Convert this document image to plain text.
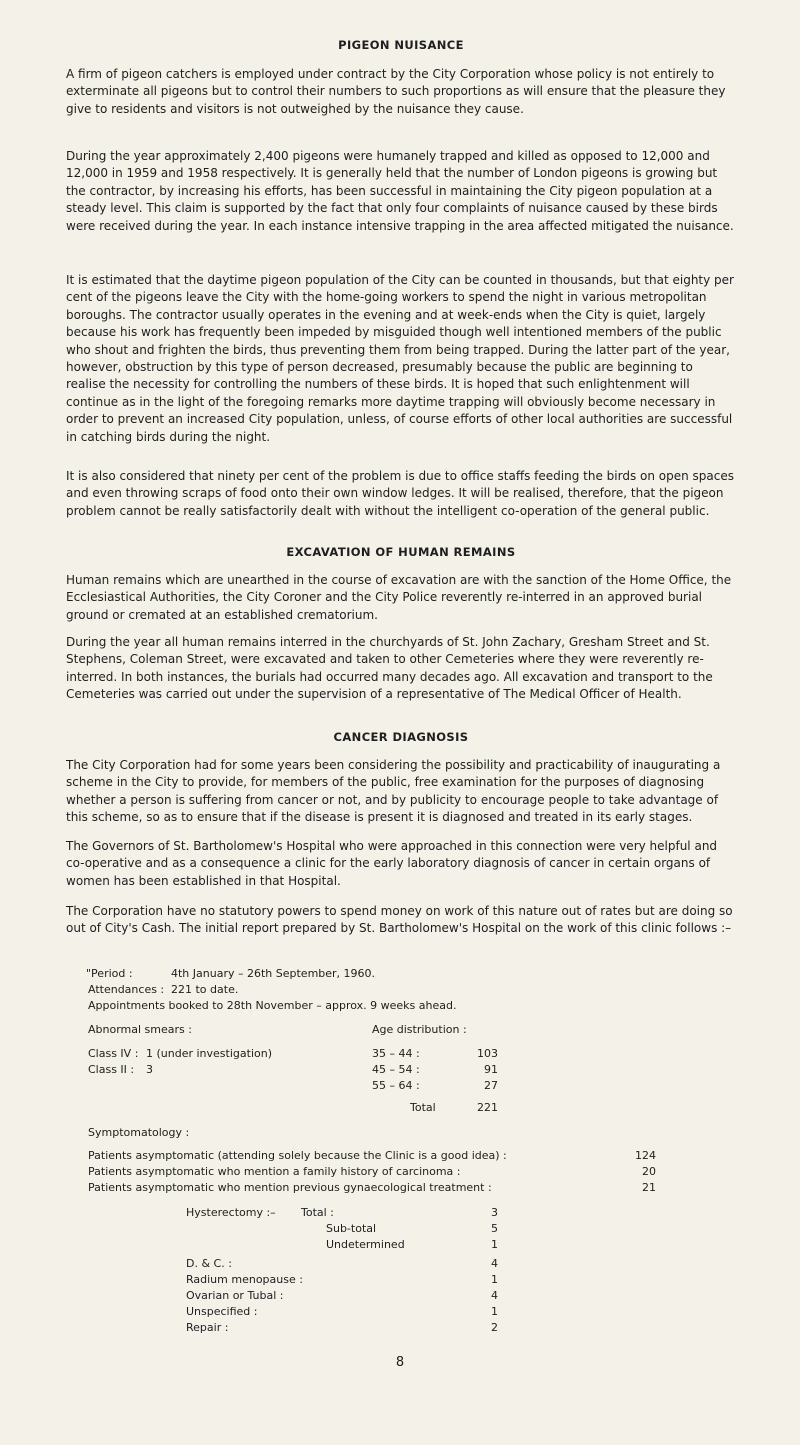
PIGEON NUISANCE

A firm of pigeon catchers is employed under contract by the City Corporation whose policy is not entirely to exterminate all pigeons but to control their numbers to such proportions as will ensure that the pleasure they give to residents and visitors is not outweighed by the nuisance they cause.

During the year approximately 2,400 pigeons were humanely trapped and killed as opposed to 12,000 and 12,000 in 1959 and 1958 respectively. It is generally held that the number of London pigeons is growing but the contractor, by increasing his efforts, has been successful in maintaining the City pigeon population at a steady level. This claim is supported by the fact that only four complaints of nuisance caused by these birds were received during the year. In each instance intensive trapping in the area affected mitigated the nuisance.

It is estimated that the daytime pigeon population of the City can be counted in thousands, but that eighty per cent of the pigeons leave the City with the home-going workers to spend the night in various metropolitan boroughs. The contractor usually operates in the evening and at week-ends when the City is quiet, largely because his work has frequently been impeded by misguided though well intentioned members of the public who shout and frighten the birds, thus preventing them from being trapped. During the latter part of the year, however, obstruction by this type of person decreased, presumably because the public are beginning to realise the necessity for controlling the numbers of these birds. It is hoped that such enlightenment will continue as in the light of the foregoing remarks more daytime trapping will obviously become necessary in order to prevent an increased City population, unless, of course efforts of other local authorities are successful in catching birds during the night.

It is also considered that ninety per cent of the problem is due to office staffs feeding the birds on open spaces and even throwing scraps of food onto their own window ledges. It will be realised, therefore, that the pigeon problem cannot be really satisfactorily dealt with without the intelligent co-operation of the general public.

EXCAVATION OF HUMAN REMAINS

Human remains which are unearthed in the course of excavation are with the sanction of the Home Office, the Ecclesiastical Authorities, the City Coroner and the City Police reverently re-interred in an approved burial ground or cremated at an established crematorium.

During the year all human remains interred in the churchyards of St. John Zachary, Gresham Street and St. Stephens, Coleman Street, were excavated and taken to other Cemeteries where they were reverently re-interred. In both instances, the burials had occurred many decades ago. All excavation and transport to the Cemeteries was carried out under the supervision of a representative of The Medical Officer of Health.

CANCER DIAGNOSIS

The City Corporation had for some years been considering the possibility and practicability of inaugurating a scheme in the City to provide, for members of the public, free examination for the purposes of diagnosing whether a person is suffering from cancer or not, and by publicity to encourage people to take advantage of this scheme, so as to ensure that if the disease is present it is diagnosed and treated in its early stages.

The Governors of St. Bartholomew's Hospital who were approached in this connection were very helpful and co-operative and as a consequence a clinic for the early laboratory diagnosis of cancer in certain organs of women has been established in that Hospital.

The Corporation have no statutory powers to spend money on work of this nature out of rates but are doing so out of City's Cash. The initial report prepared by St. Bartholomew's Hospital on the work of this clinic follows :–

"Period :	4th January – 26th September, 1960.
Attendances : 221 to date.
Appointments booked to 28th November – approx. 9 weeks ahead.
Abnormal smears :	Age distribution :
Class IV : 1 (under investigation)
Class II : 3
35 – 44 :	103
45 – 54 :	91
55 – 64 :	27
Total	221
Symptomatology :
Patients asymptomatic (attending solely because the Clinic is a good idea) :	124
Patients asymptomatic who mention a family history of carcinoma :	20
Patients asymptomatic who mention previous gynaecological treatment :	21
Hysterectomy :– Total :	3
Sub-total	5
Undetermined	1
D. & C. :	4
Radium menopause :	1
Ovarian or Tubal :	4
Unspecified :	1
Repair :	2
8
